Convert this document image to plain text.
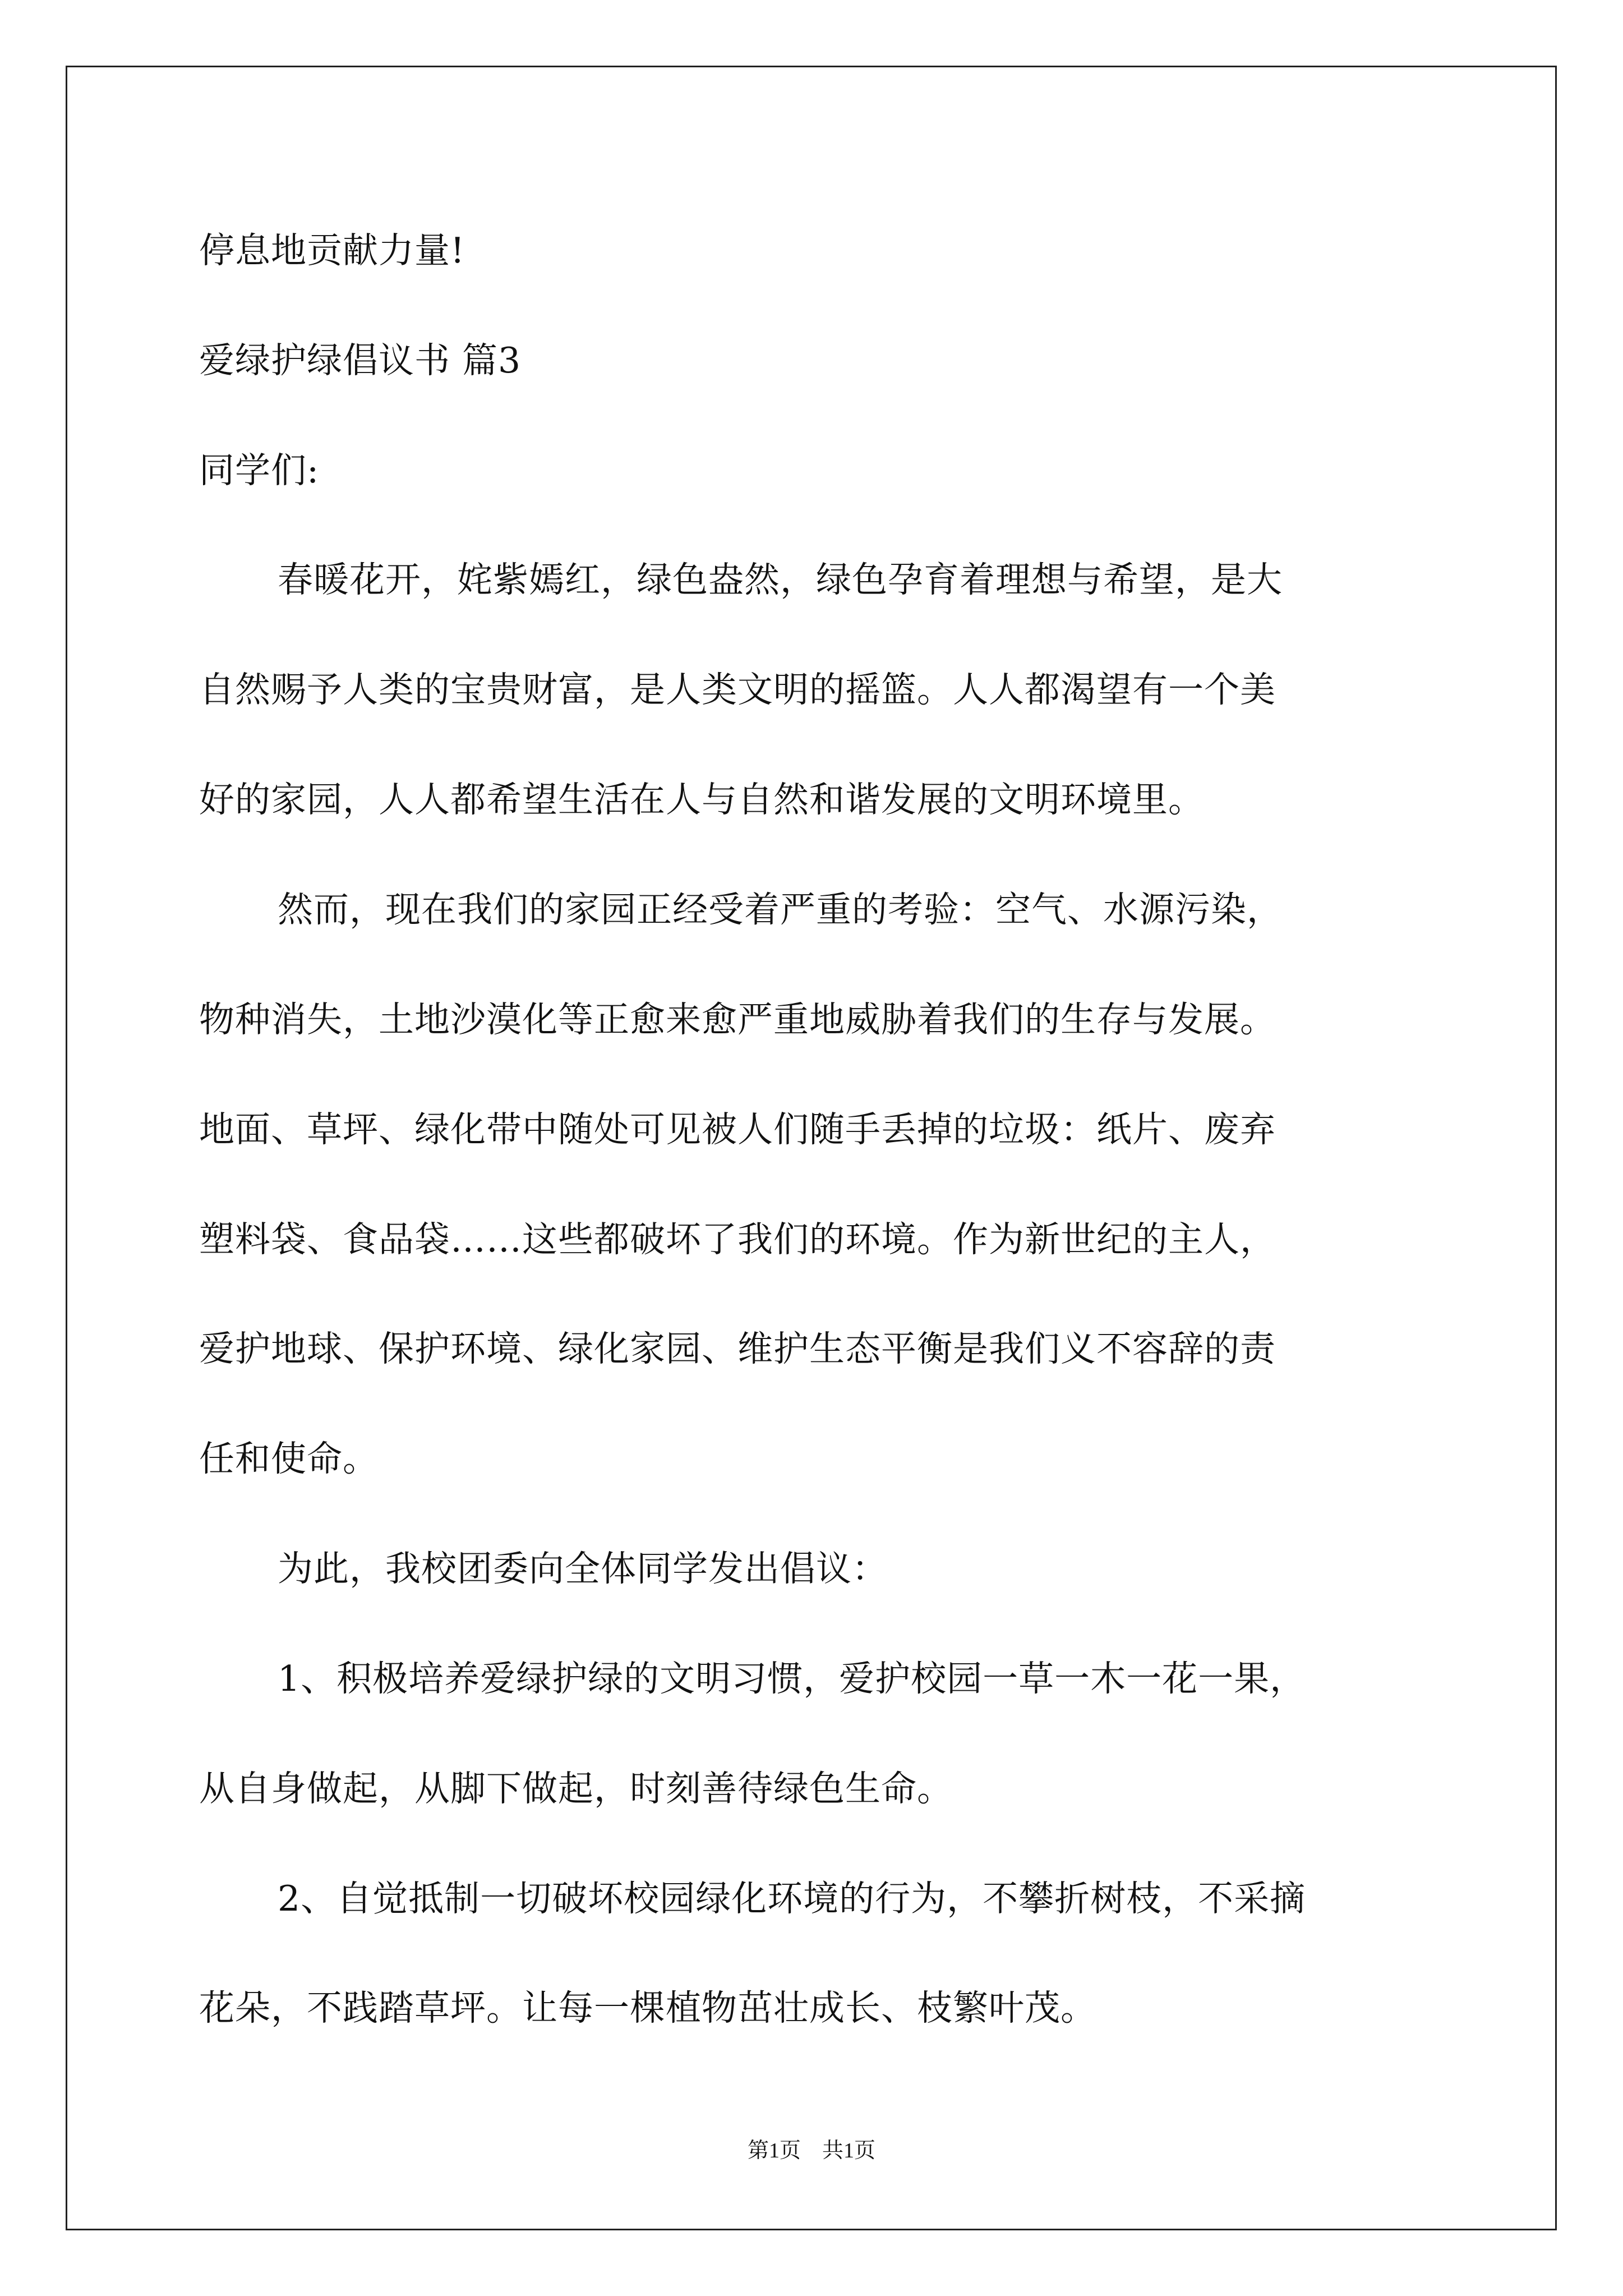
停息地贡献力量!
爱绿护绿倡议书 篇3
同学们:
春暖花开，姹紫嫣红，绿色盎然，绿色孕育着理想与希望，是大
自然赐予人类的宝贵财富，是人类文明的摇篮。人人都渴望有一个美
好的家园，人人都希望生活在人与自然和谐发展的文明环境里。
然而，现在我们的家园正经受着严重的考验：空气、水源污染，
物种消失，土地沙漠化等正愈来愈严重地威胁着我们的生存与发展。
地面、草坪、绿化带中随处可见被人们随手丢掉的垃圾：纸片、废弃
塑料袋、食品袋……这些都破坏了我们的环境。作为新世纪的主人，
爱护地球、保护环境、绿化家园、维护生态平衡是我们义不容辞的责
任和使命。
为此，我校团委向全体同学发出倡议：
1、积极培养爱绿护绿的文明习惯，爱护校园一草一木一花一果，
从自身做起，从脚下做起，时刻善待绿色生命。
2、自觉抵制一切破坏校园绿化环境的行为，不攀折树枝，不采摘
花朵，不践踏草坪。让每一棵植物茁壮成长、枝繁叶茂。
第1页　共1页
